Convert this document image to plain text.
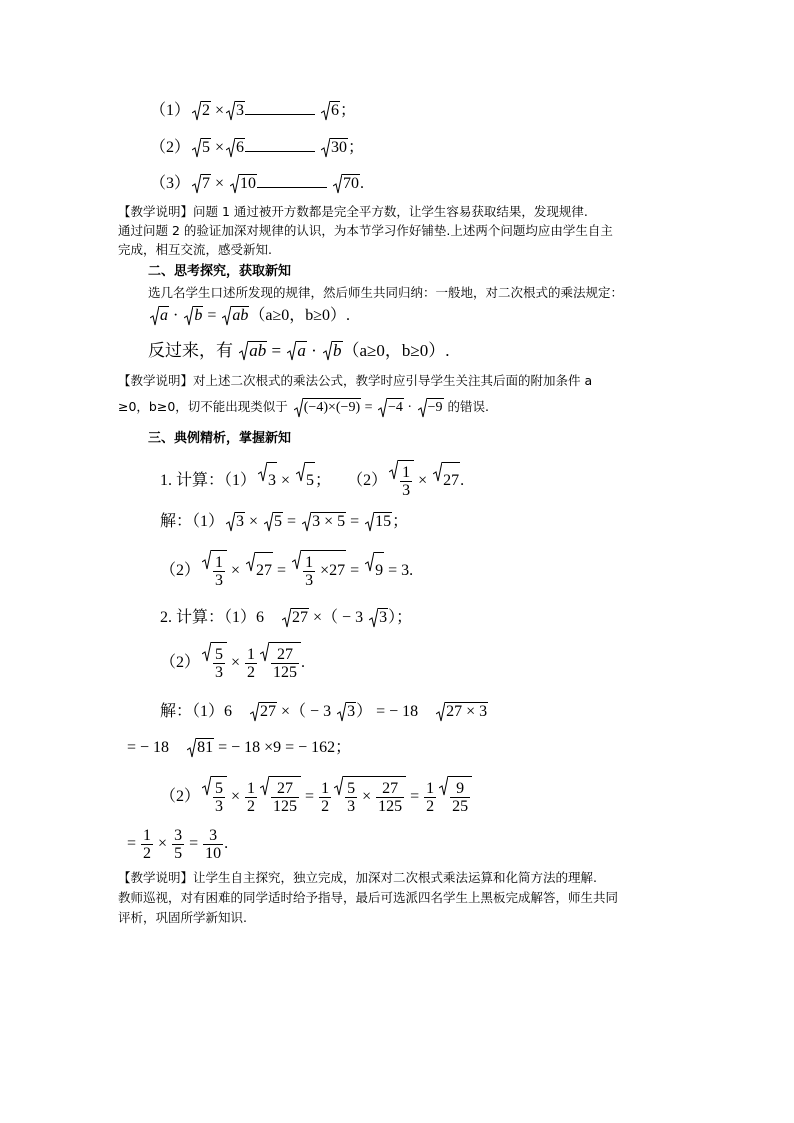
（1） 2 × 3	6；
（2） 5 × 6	30；
（3） 7 × 10	70.
【教学说明】问题 1 通过被开方数都是完全平方数，让学生容易获取结果，发现规律.
通过问题 2 的验证加深对规律的认识，为本节学习作好铺垫.上述两个问题均应由学生自主
完成，相互交流，感受新知.
二、思考探究，获取新知
选几名学生口述所发现的规律，然后师生共同归纳：一般地，对二次根式的乘法规定：
a ·
b =
ab（a≥0，b≥0）.
反过来，有
ab =
a ·
b（a≥0，b≥0）.
【教学说明】对上述二次根式的乘法公式，教学时应引导学生关注其后面的附加条件 a
≥0，b≥0，切不能出现类似于
(−4)×(−9) =
−4 ·
−9 的错误.
三、典例精析，掌握新知
1. 计算：（1） 3 ×
5； $(2) \frac{1}{3}$ ×
27.
解：（1） 3 ×
5 =
3 × 5 =
15；
$(2) \frac{1}{3}$ ×
$27 = \frac{1}{3} \times 27$ =
9 = 3.
2. 计算：（1）6　
27 ×（ − 3
3）；
$(2) \frac{5}{3} \times \frac{1}{2} \frac{27}{125}$ .
解：（1）6　
27 ×（ − 3
3） = − 18　
27 × 3
= − 18　
81 = − 18 ×9 = − 162；
$(2) \frac{5}{3} \times \frac{1}{2} \frac{27}{125} = \frac{1}{2} \frac{5}{3} \times \frac{27}{125} = \frac{1}{2} \frac{9}{25}$
= $\frac{1}{2} \times \frac{3}{5} = \frac{3}{10}$ .
【教学说明】让学生自主探究，独立完成，加深对二次根式乘法运算和化简方法的理解.
教师巡视，对有困难的同学适时给予指导，最后可选派四名学生上黑板完成解答，师生共同
评析，巩固所学新知识.
